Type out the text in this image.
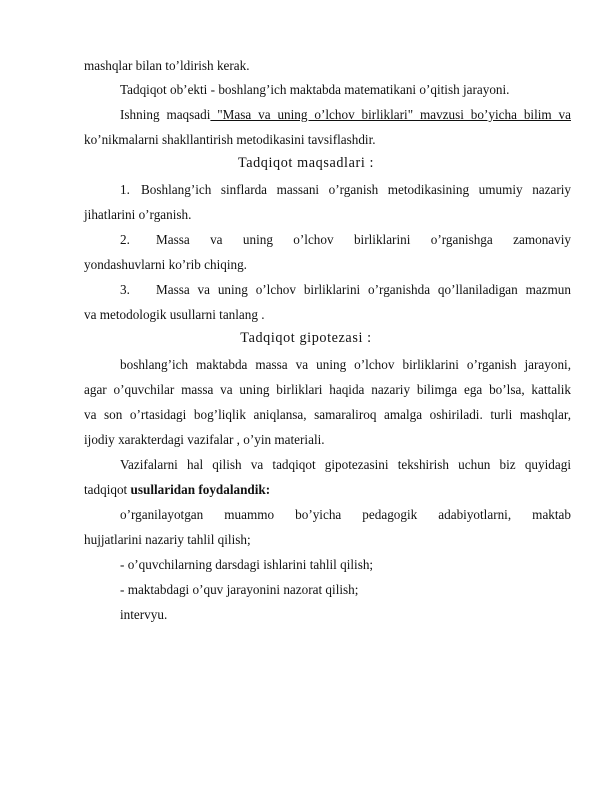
mashqlar bilan to’ldirish kerak.
Tadqiqot ob’ekti - boshlang’ich maktabda matematikani o’qitish jarayoni.
Ishning maqsadi "Masa va uning o’lchov birliklari" mavzusi bo’yicha bilim va
ko’nikmalarni shakllantirish metodikasini tavsiflashdir.
Tadqiqot maqsadlari :
1. Boshlang’ich sinflarda massani o’rganish metodikasining umumiy nazariy
jihatlarini o’rganish.
2. Massa va uning o’lchov birliklarini o’rganishga zamonaviy
yondashuvlarni ko’rib chiqing.
3. Massa va uning o’lchov birliklarini o’rganishda qo’llaniladigan mazmun
va metodologik usullarni tanlang .
Tadqiqot gipotezasi :
boshlang’ich maktabda massa va uning o’lchov birliklarini o’rganish jarayoni,
agar o’quvchilar massa va uning birliklari haqida nazariy bilimga ega bo’lsa, kattalik
va son o’rtasidagi bog’liqlik aniqlansa, samaraliroq amalga oshiriladi. turli mashqlar,
ijodiy xarakterdagi vazifalar , o’yin materiali.
Vazifalarni hal qilish va tadqiqot gipotezasini tekshirish uchun biz quyidagi
tadqiqot usullaridan foydalandik:
o’rganilayotgan muammo bo’yicha pedagogik adabiyotlarni, maktab
hujjatlarini nazariy tahlil qilish;
- o’quvchilarning darsdagi ishlarini tahlil qilish;
- maktabdagi o’quv jarayonini nazorat qilish;
intervyu.
